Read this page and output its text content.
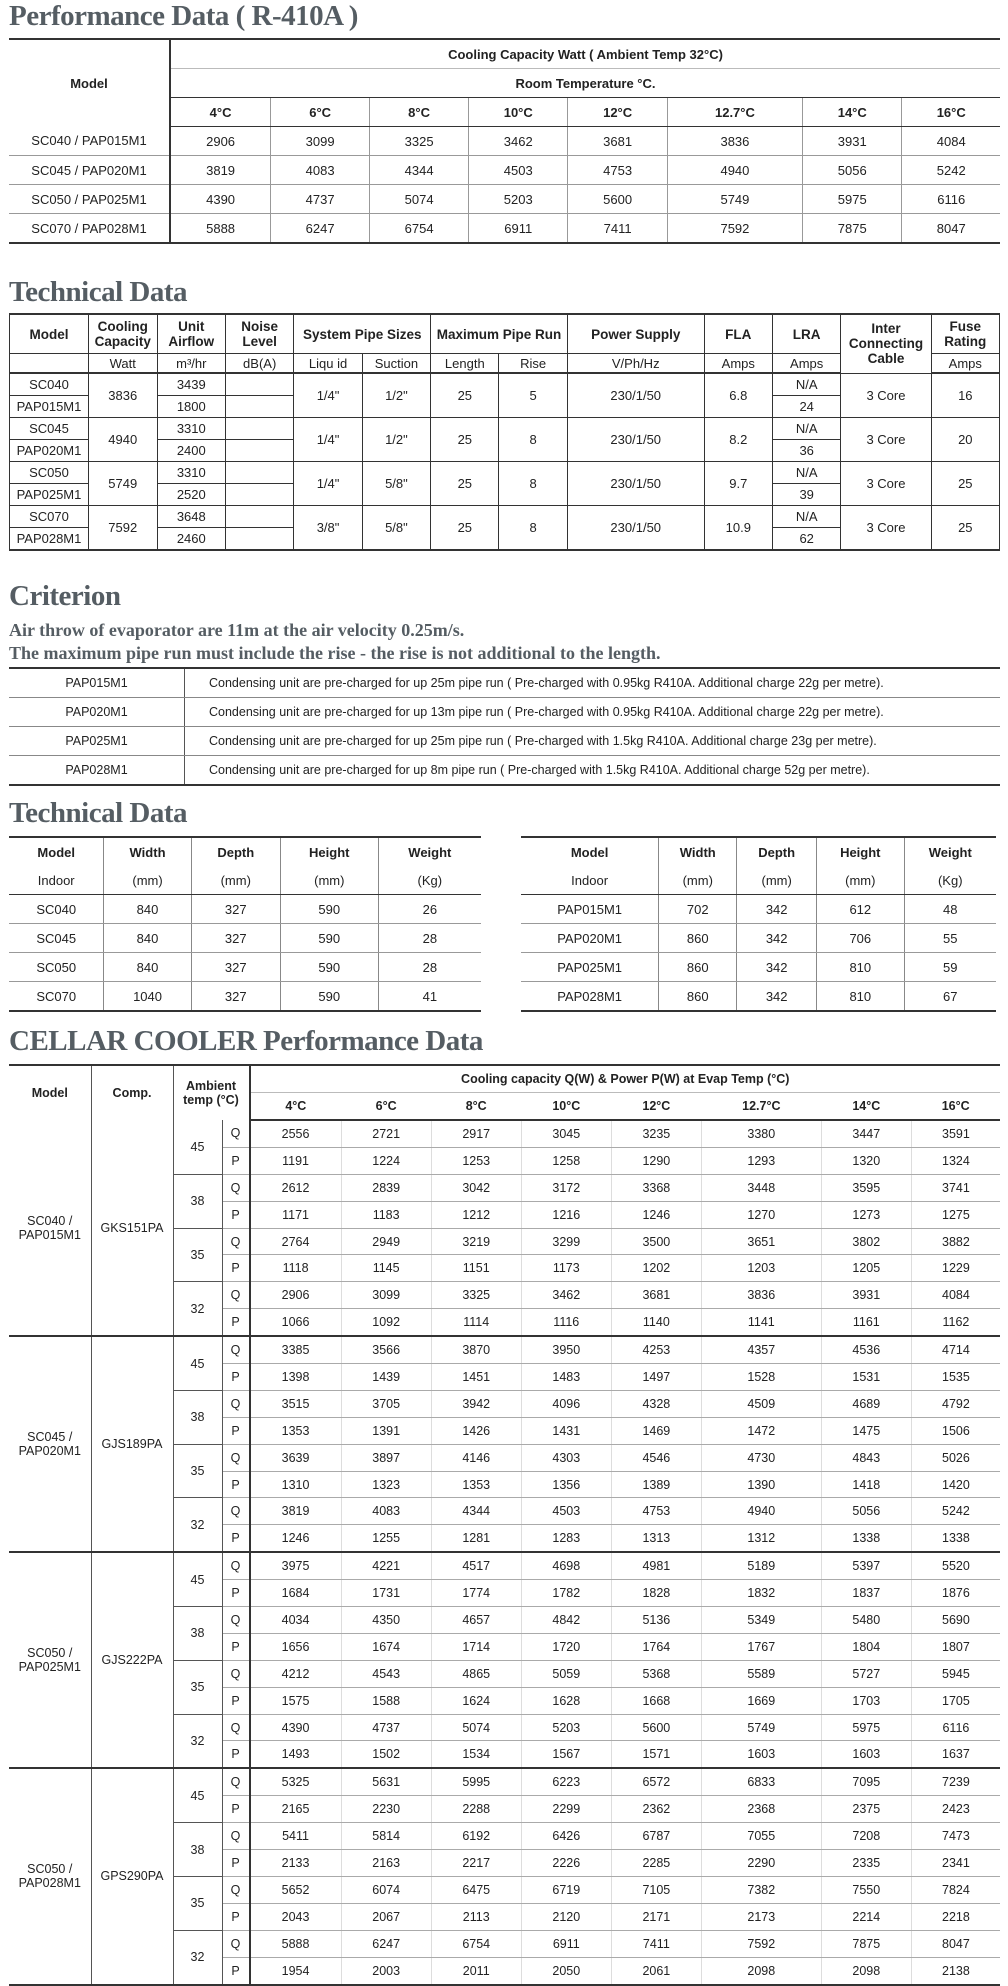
Performance Data ( R-410A )
Model	Cooling Capacity Watt ( Ambient Temp 32°C)							
	Room Temperature °C.							
	4°C	6°C	8°C	10°C	12°C	12.7°C	14°C	16°C
SC040 / PAP015M1	2906	3099	3325	3462	3681	3836	3931	4084
SC045 / PAP020M1	3819	4083	4344	4503	4753	4940	5056	5242
SC050 / PAP025M1	4390	4737	5074	5203	5600	5749	5975	6116
SC070 / PAP028M1	5888	6247	6754	6911	7411	7592	7875	8047
Technical Data
Model	Cooling Capacity	Unit Airflow	Noise Level	System Pipe Sizes		Maximum Pipe Run		Power Supply	FLA	LRA	Inter Connecting Cable	Fuse Rating
	Watt	m³/hr	dB(A)	Liqu id	Suction	Length	Rise	V/Ph/Hz	Amps	Amps		Amps
SC040	3836	3439		1/4"	1/2"	25	5	230/1/50	6.8	N/A	3 Core	16
PAP015M1		1800								24		
SC045	4940	3310		1/4"	1/2"	25	8	230/1/50	8.2	N/A	3 Core	20
PAP020M1		2400								36		
SC050	5749	3310		1/4"	5/8"	25	8	230/1/50	9.7	N/A	3 Core	25
PAP025M1		2520								39		
SC070	7592	3648		3/8"	5/8"	25	8	230/1/50	10.9	N/A	3 Core	25
PAP028M1		2460								62		
Criterion

Air throw of evaporator are 11m at the air velocity 0.25m/s.

The maximum pipe run must include the rise - the rise is not additional to the length.

PAP015M1	Condensing unit are pre-charged for up 25m pipe run ( Pre-charged with 0.95kg R410A. Additional charge 22g per metre).
PAP020M1	Condensing unit are pre-charged for up 13m pipe run ( Pre-charged with 0.95kg R410A. Additional charge 22g per metre).
PAP025M1	Condensing unit are pre-charged for up 25m pipe run ( Pre-charged with 1.5kg R410A. Additional charge 23g per metre).
PAP028M1	Condensing unit are pre-charged for up 8m pipe run ( Pre-charged with 1.5kg R410A. Additional charge 52g per metre).
Technical Data
Model	Width	Depth	Height	Weight
Indoor	(mm)	(mm)	(mm)	(Kg)
SC040	840	327	590	26
SC045	840	327	590	28
SC050	840	327	590	28
SC070	1040	327	590	41
Model	Width	Depth	Height	Weight
Indoor	(mm)	(mm)	(mm)	(Kg)
PAP015M1	702	342	612	48
PAP020M1	860	342	706	55
PAP025M1	860	342	810	59
PAP028M1	860	342	810	67
CELLAR COOLER Performance Data
Model	Comp.	Ambient temp (°C)		Cooling capacity Q(W) & Power P(W) at Evap Temp (°C)							
				4°C	6°C	8°C	10°C	12°C	12.7°C	14°C	16°C
SC040 / PAP015M1	GKS151PA	45	Q	2556	2721	2917	3045	3235	3380	3447	3591
			P	1191	1224	1253	1258	1290	1293	1320	1324
		38	Q	2612	2839	3042	3172	3368	3448	3595	3741
			P	1171	1183	1212	1216	1246	1270	1273	1275
		35	Q	2764	2949	3219	3299	3500	3651	3802	3882
			P	1118	1145	1151	1173	1202	1203	1205	1229
		32	Q	2906	3099	3325	3462	3681	3836	3931	4084
			P	1066	1092	1114	1116	1140	1141	1161	1162
SC045 / PAP020M1	GJS189PA	45	Q	3385	3566	3870	3950	4253	4357	4536	4714
			P	1398	1439	1451	1483	1497	1528	1531	1535
		38	Q	3515	3705	3942	4096	4328	4509	4689	4792
			P	1353	1391	1426	1431	1469	1472	1475	1506
		35	Q	3639	3897	4146	4303	4546	4730	4843	5026
			P	1310	1323	1353	1356	1389	1390	1418	1420
		32	Q	3819	4083	4344	4503	4753	4940	5056	5242
			P	1246	1255	1281	1283	1313	1312	1338	1338
SC050 / PAP025M1	GJS222PA	45	Q	3975	4221	4517	4698	4981	5189	5397	5520
			P	1684	1731	1774	1782	1828	1832	1837	1876
		38	Q	4034	4350	4657	4842	5136	5349	5480	5690
			P	1656	1674	1714	1720	1764	1767	1804	1807
		35	Q	4212	4543	4865	5059	5368	5589	5727	5945
			P	1575	1588	1624	1628	1668	1669	1703	1705
		32	Q	4390	4737	5074	5203	5600	5749	5975	6116
			P	1493	1502	1534	1567	1571	1603	1603	1637
SC050 / PAP028M1	GPS290PA	45	Q	5325	5631	5995	6223	6572	6833	7095	7239
			P	2165	2230	2288	2299	2362	2368	2375	2423
		38	Q	5411	5814	6192	6426	6787	7055	7208	7473
			P	2133	2163	2217	2226	2285	2290	2335	2341
		35	Q	5652	6074	6475	6719	7105	7382	7550	7824
			P	2043	2067	2113	2120	2171	2173	2214	2218
		32	Q	5888	6247	6754	6911	7411	7592	7875	8047
			P	1954	2003	2011	2050	2061	2098	2098	2138
